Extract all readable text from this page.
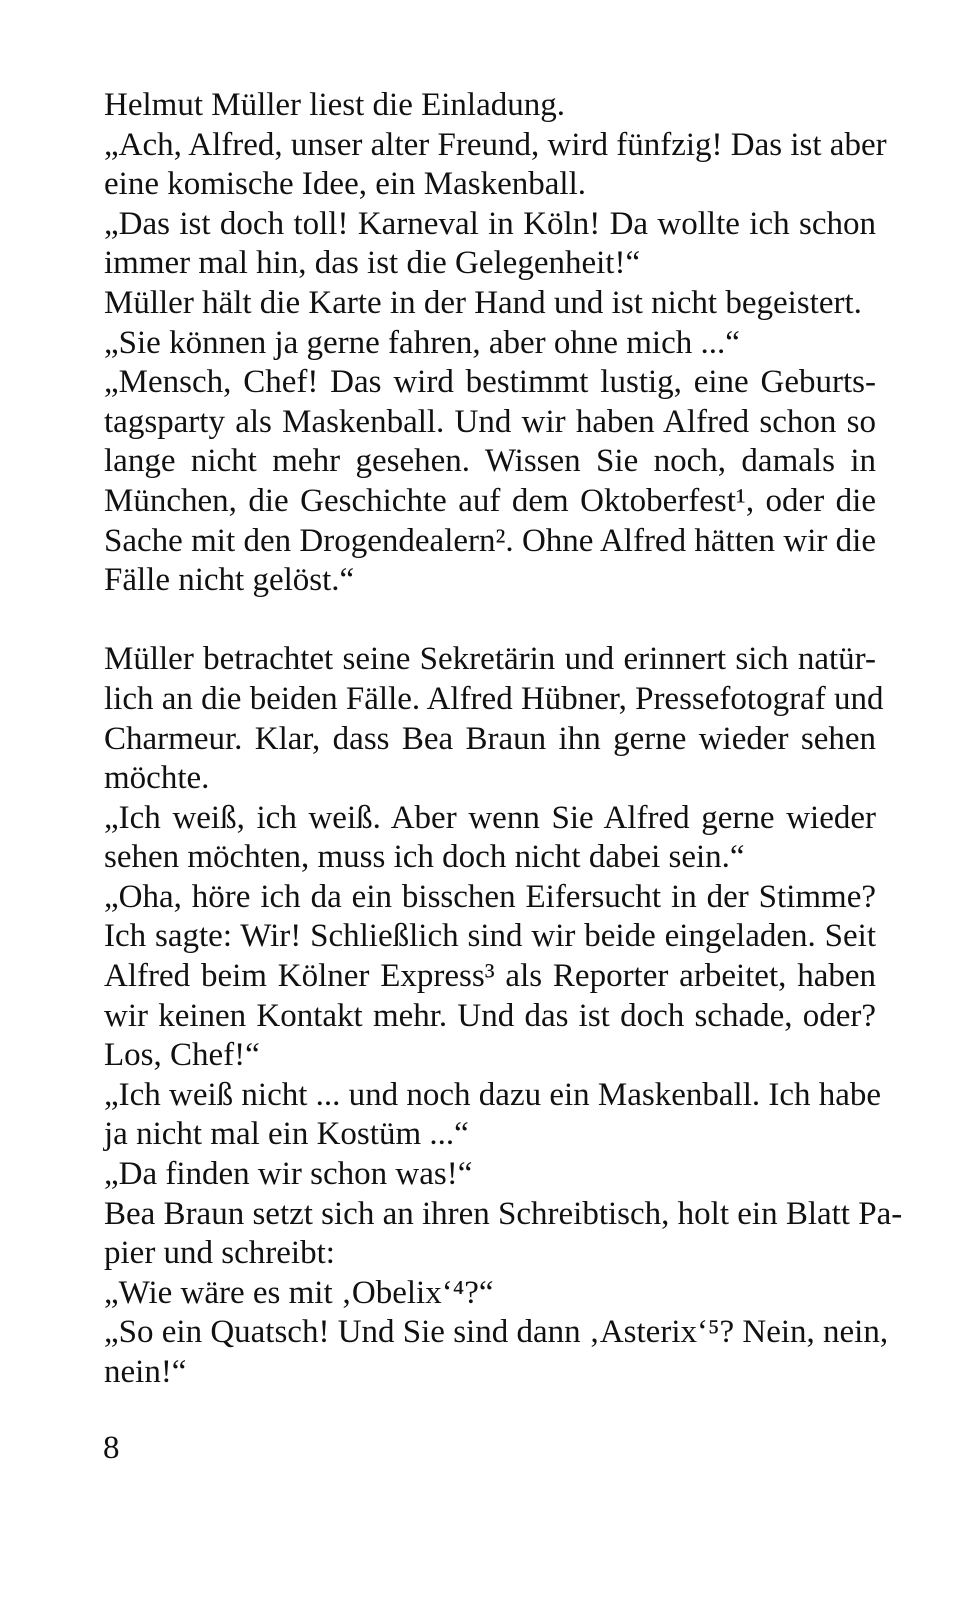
Helmut Müller liest die Einladung.
„Ach, Alfred, unser alter Freund, wird fünfzig! Das ist aber
eine komische Idee, ein Maskenball.
„Das ist doch toll! Karneval in Köln! Da wollte ich schon
immer mal hin, das ist die Gelegenheit!“
Müller hält die Karte in der Hand und ist nicht begeistert.
„Sie können ja gerne fahren, aber ohne mich ...“
„Mensch, Chef! Das wird bestimmt lustig, eine Geburts-
tagsparty als Maskenball. Und wir haben Alfred schon so
lange nicht mehr gesehen. Wissen Sie noch, damals in
München, die Geschichte auf dem Oktoberfest¹, oder die
Sache mit den Drogendealern². Ohne Alfred hätten wir die
Fälle nicht gelöst.“
Müller betrachtet seine Sekretärin und erinnert sich natür-
lich an die beiden Fälle. Alfred Hübner, Pressefotograf und
Charmeur. Klar, dass Bea Braun ihn gerne wieder sehen
möchte.
„Ich weiß, ich weiß. Aber wenn Sie Alfred gerne wieder
sehen möchten, muss ich doch nicht dabei sein.“
„Oha, höre ich da ein bisschen Eifersucht in der Stimme?
Ich sagte: Wir! Schließlich sind wir beide eingeladen. Seit
Alfred beim Kölner Express³ als Reporter arbeitet, haben
wir keinen Kontakt mehr. Und das ist doch schade, oder?
Los, Chef!“
„Ich weiß nicht ... und noch dazu ein Maskenball. Ich habe
ja nicht mal ein Kostüm ...“
„Da finden wir schon was!“
Bea Braun setzt sich an ihren Schreibtisch, holt ein Blatt Pa-
pier und schreibt:
„Wie wäre es mit ‚Obelix‘⁴?“
„So ein Quatsch! Und Sie sind dann ‚Asterix‘⁵? Nein, nein,
nein!“
8
